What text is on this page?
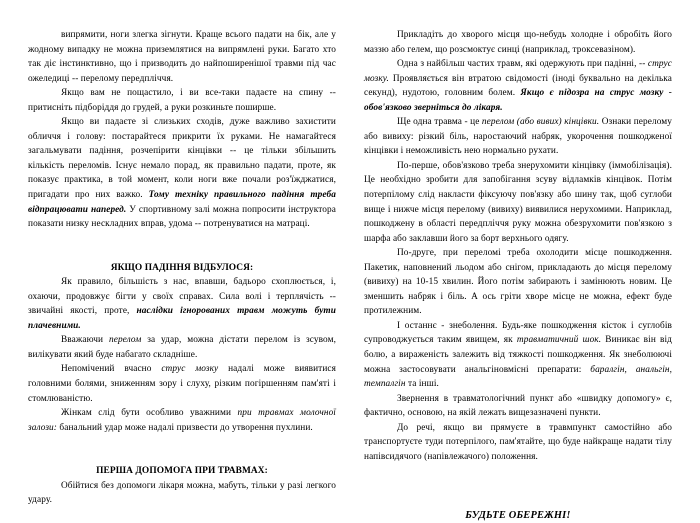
випрямити, ноги злегка зігнути. Краще всього падати на бік, але у жодному випадку не можна приземлятися на випрямлені руки. Багато хто так діє інстинктивно, що і призводить до найпоширенішої травми під час ожеледиці -- перелому передпліччя.

Якщо вам не пощастило, і ви все-таки падаєте на спину -- притисніть підборіддя до грудей, а руки розкиньте поширше.

Якщо ви падаєте зі слизьких сходів, дуже важливо захистити обличчя і голову: постарайтеся прикрити їх руками. Не намагайтеся загальмувати падіння, розчепірити кінцівки -- це тільки збільшить кількість переломів. Існує немало порад, як правильно падати, проте, як показує практика, в той момент, коли ноги вже почали роз'їжджатися, пригадати про них важко. Тому техніку правильного падіння треба відпрацювати наперед. У спортивному залі можна попросити інструктора показати низку нескладних вправ, удома -- потренуватися на матраці.

ЯКЩО ПАДІННЯ ВІДБУЛОСЯ:

Як правило, більшість з нас, впавши, бадьоро схоплюється, і, охаючи, продовжує бігти у своїх справах. Сила волі і терплячість -- звичайні якості, проте, наслідки ігнорованих травм можуть бути плачевними.

Вважаючи перелом за удар, можна дістати перелом із зсувом, вилікувати який буде набагато складніше.

Непомічений вчасно струс мозку надалі може виявитися головними болями, зниженням зору і слуху, різким погіршенням пам'яті і стомлюваністю.

Жінкам слід бути особливо уважними при травмах молочної залози: банальний удар може надалі призвести до утворення пухлини.

ПЕРША ДОПОМОГА ПРИ ТРАВМАХ:

Обійтися без допомоги лікаря можна, мабуть, тільки у разі легкого удару.

Прикладіть до хворого місця що-небудь холодне і обробіть його маззю або гелем, що розсмоктує синці (наприклад, троксевазіном).

Одна з найбільш частих травм, які одержують при падінні, -- струс мозку. Проявляється він втратою свідомості (іноді буквально на декілька секунд), нудотою, головним болем. Якщо є підозра на струс мозку - обов'язково зверніться до лікаря.

Ще одна травма - це перелом (або вивих) кінцівки. Ознаки перелому або вивиху: різкий біль, наростаючий набряк, укорочення пошкодженої кінцівки і неможливість нею нормально рухати.

По-перше, обов'язково треба знерухомити кінцівку (іммобілізація). Це необхідно зробити для запобігання зсуву відламків кінцівок. Потім потерпілому слід накласти фіксуючу пов'язку або шину так, щоб суглоби вище і нижче місця перелому (вивиху) виявилися нерухомими. Наприклад, пошкоджену в області передпліччя руку можна обезрухомити пов'язкою з шарфа або заклавши його за борт верхнього одягу.

По-друге, при переломі треба охолодити місце пошкодження. Пакетик, наповнений льодом або снігом, прикладають до місця перелому (вивиху) на 10-15 хвилин. Його потім забирають і замінюють новим. Це зменшить набряк і біль. А ось гріти хворе місце не можна, ефект буде протилежним.

І останнє - знеболення. Будь-яке пошкодження кісток і суглобів супроводжується таким явищем, як травматичний шок. Виникає він від болю, а вираженість залежить від тяжкості пошкодження. Як знеболюючі можна застосовувати анальгіновмісні препарати: баралгін, анальгін, темпалгін та інші.

Звернення в травматологічний пункт або «швидку допомогу» є, фактично, основою, на якій лежать вищезазначені пункти.

До речі, якщо ви прямуєте в травмпункт самостійно або транспортуєте туди потерпілого, пам'ятайте, що буде найкраще надати тілу напівсидячого (напівлежачого) положення.

БУДЬТЕ ОБЕРЕЖНІ!
